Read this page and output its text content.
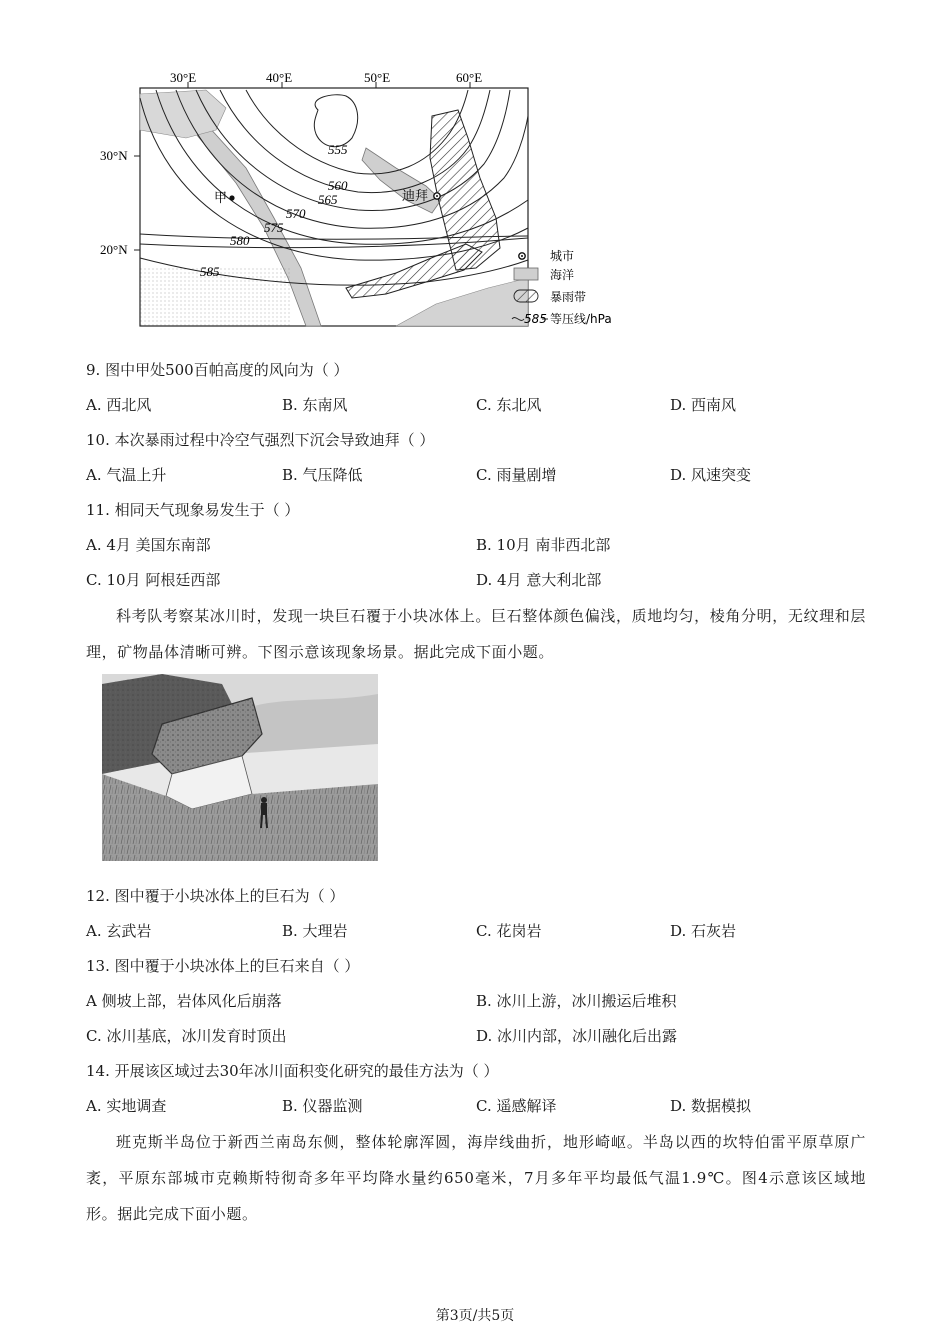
30°E	40°E	50°E	60°E
30°N
20°N
555
560
565
570
575
580
585
甲	迪拜
城市
海洋
暴雨带
585 等压线/hPa
9. 图中甲处500百帕高度的风向为（ ）
A. 西北风	B. 东南风	C. 东北风	D. 西南风
10. 本次暴雨过程中冷空气强烈下沉会导致迪拜（ ）
A. 气温上升	B. 气压降低	C. 雨量剧增	D. 风速突变
11. 相同天气现象易发生于（ ）
A. 4月 美国东南部	B. 10月 南非西北部
C. 10月 阿根廷西部	D. 4月 意大利北部
科考队考察某冰川时，发现一块巨石覆于小块冰体上。巨石整体颜色偏浅，质地均匀，棱角分明，无纹理和层理，矿物晶体清晰可辨。下图示意该现象场景。据此完成下面小题。
12. 图中覆于小块冰体上的巨石为（ ）
A. 玄武岩	B. 大理岩	C. 花岗岩	D. 石灰岩
13. 图中覆于小块冰体上的巨石来自（ ）
A 侧坡上部，岩体风化后崩落	B. 冰川上游，冰川搬运后堆积
C. 冰川基底，冰川发育时顶出	D. 冰川内部，冰川融化后出露
14. 开展该区域过去30年冰川面积变化研究的最佳方法为（ ）
A. 实地调查	B. 仪器监测	C. 遥感解译	D. 数据模拟
班克斯半岛位于新西兰南岛东侧，整体轮廓浑圆，海岸线曲折，地形崎岖。半岛以西的坎特伯雷平原草原广袤，平原东部城市克赖斯特彻奇多年平均降水量约650毫米，7月多年平均最低气温1.9℃。图4示意该区域地形。据此完成下面小题。
第3页/共5页
